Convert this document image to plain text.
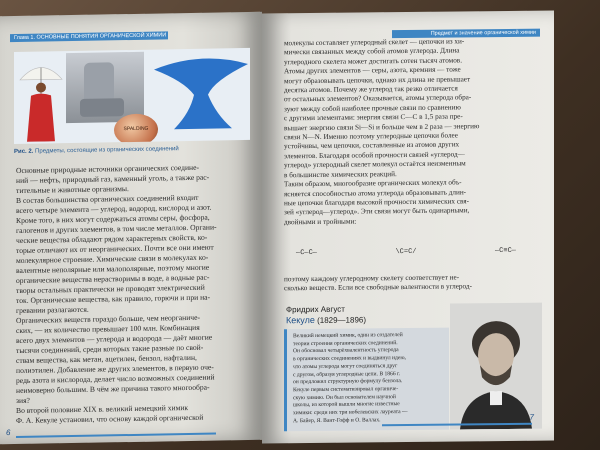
Глава 1. ОСНОВНЫЕ ПОНЯТИЯ ОРГАНИЧЕСКОЙ ХИМИИ
SPALDING
Рис. 2. Предметы, состоящие из органических соединений
Основные природные источники органических соедине-
ний — нефть, природный газ, каменный уголь, а также рас-
тительные и животные организмы.
В состав большинства органических соединений входит
всего четыре элемента — углерод, водород, кислород и азот.
Кроме того, в них могут содержаться атомы серы, фосфора,
галогенов и других элементов, в том числе металлов. Органи-
ческие вещества обладают рядом характерных свойств, ко-
торые отличают их от неорганических. Почти все они имеют
молекулярное строение. Химические связи в молекулах ко-
валентные неполярные или малополярные, поэтому многие
органические вещества нерастворимы в воде, а водные рас-
творы остальных практически не проводят электрический
ток. Органические вещества, как правило, горючи и при на-
гревании разлагаются.
Органических веществ гораздо больше, чем неорганиче-
ских, — их количество превышает 100 млн. Комбинация
всего двух элементов — углерода и водорода — даёт многие
тысячи соединений, среди которых такие разные по свой-
ствам вещества, как метан, ацетилен, бензол, нафталин,
полиэтилен. Добавление же других элементов, в первую оче-
редь азота и кислорода, делает число возможных соединений
неимоверно большим. В чём же причина такого многообра-
зия?
Во второй половине XIX в. великий немецкий химик
Ф. А. Кекуле установил, что основу каждой органической
6
Предмет и значение органической химии
молекулы составляет углеродный скелет — цепочки из хи-
мически связанных между собой атомов углерода. Длина
углеродного скелета может достигать сотен тысяч атомов.
Атомы других элементов — серы, азота, кремния — тоже
могут образовывать цепочки, однако их длина не превышает
десятка атомов. Почему же углерод так резко отличается
от остальных элементов? Оказывается, атомы углерода обра-
зуют между собой наиболее прочные связи по сравнению
с другими элементами: энергия связи С—С в 1,5 раза пре-
вышает энергию связи Si—Si и больше чем в 2 раза — энергию
связи N—N. Именно поэтому углеродные цепочки более
устойчивы, чем цепочки, составленные из атомов других
элементов. Благодаря особой прочности связей «углерод—
углерод» углеродный скелет молекул остаётся неизменным
в большинстве химических реакций.
Таким образом, многообразие органических молекул объ-
ясняется способностью атома углерода образовывать длин-
ные цепочки благодаря высокой прочности химических свя-
зей «углерод—углерод». Эти связи могут быть одинарными,
двойными и тройными:
—C—C—	\C=C/	—C≡C—
поэтому каждому углеродному скелету соответствует не-
сколько веществ. Если все свободные валентности в углерод-
Фридрих Август
Кекуле (1829—1896)
Великий немецкий химик, один из создателей
теории строения органических соединений.
Он обосновал четырёхвалентность углерода
в органических соединениях и выдвинул идею,
что атомы углерода могут соединяться друг
с другом, образуя углеродные цепи. В 1866 г.
он предложил структурную формулу бензола.
Кекуле первым систематизировал органиче-
скую химию. Он был основателем научной
школы, из которой вышли многие известные
химики: среди них три нобелевских лауреата —
А. Байер, Я. Вант-Гофф и О. Валлах.	7
